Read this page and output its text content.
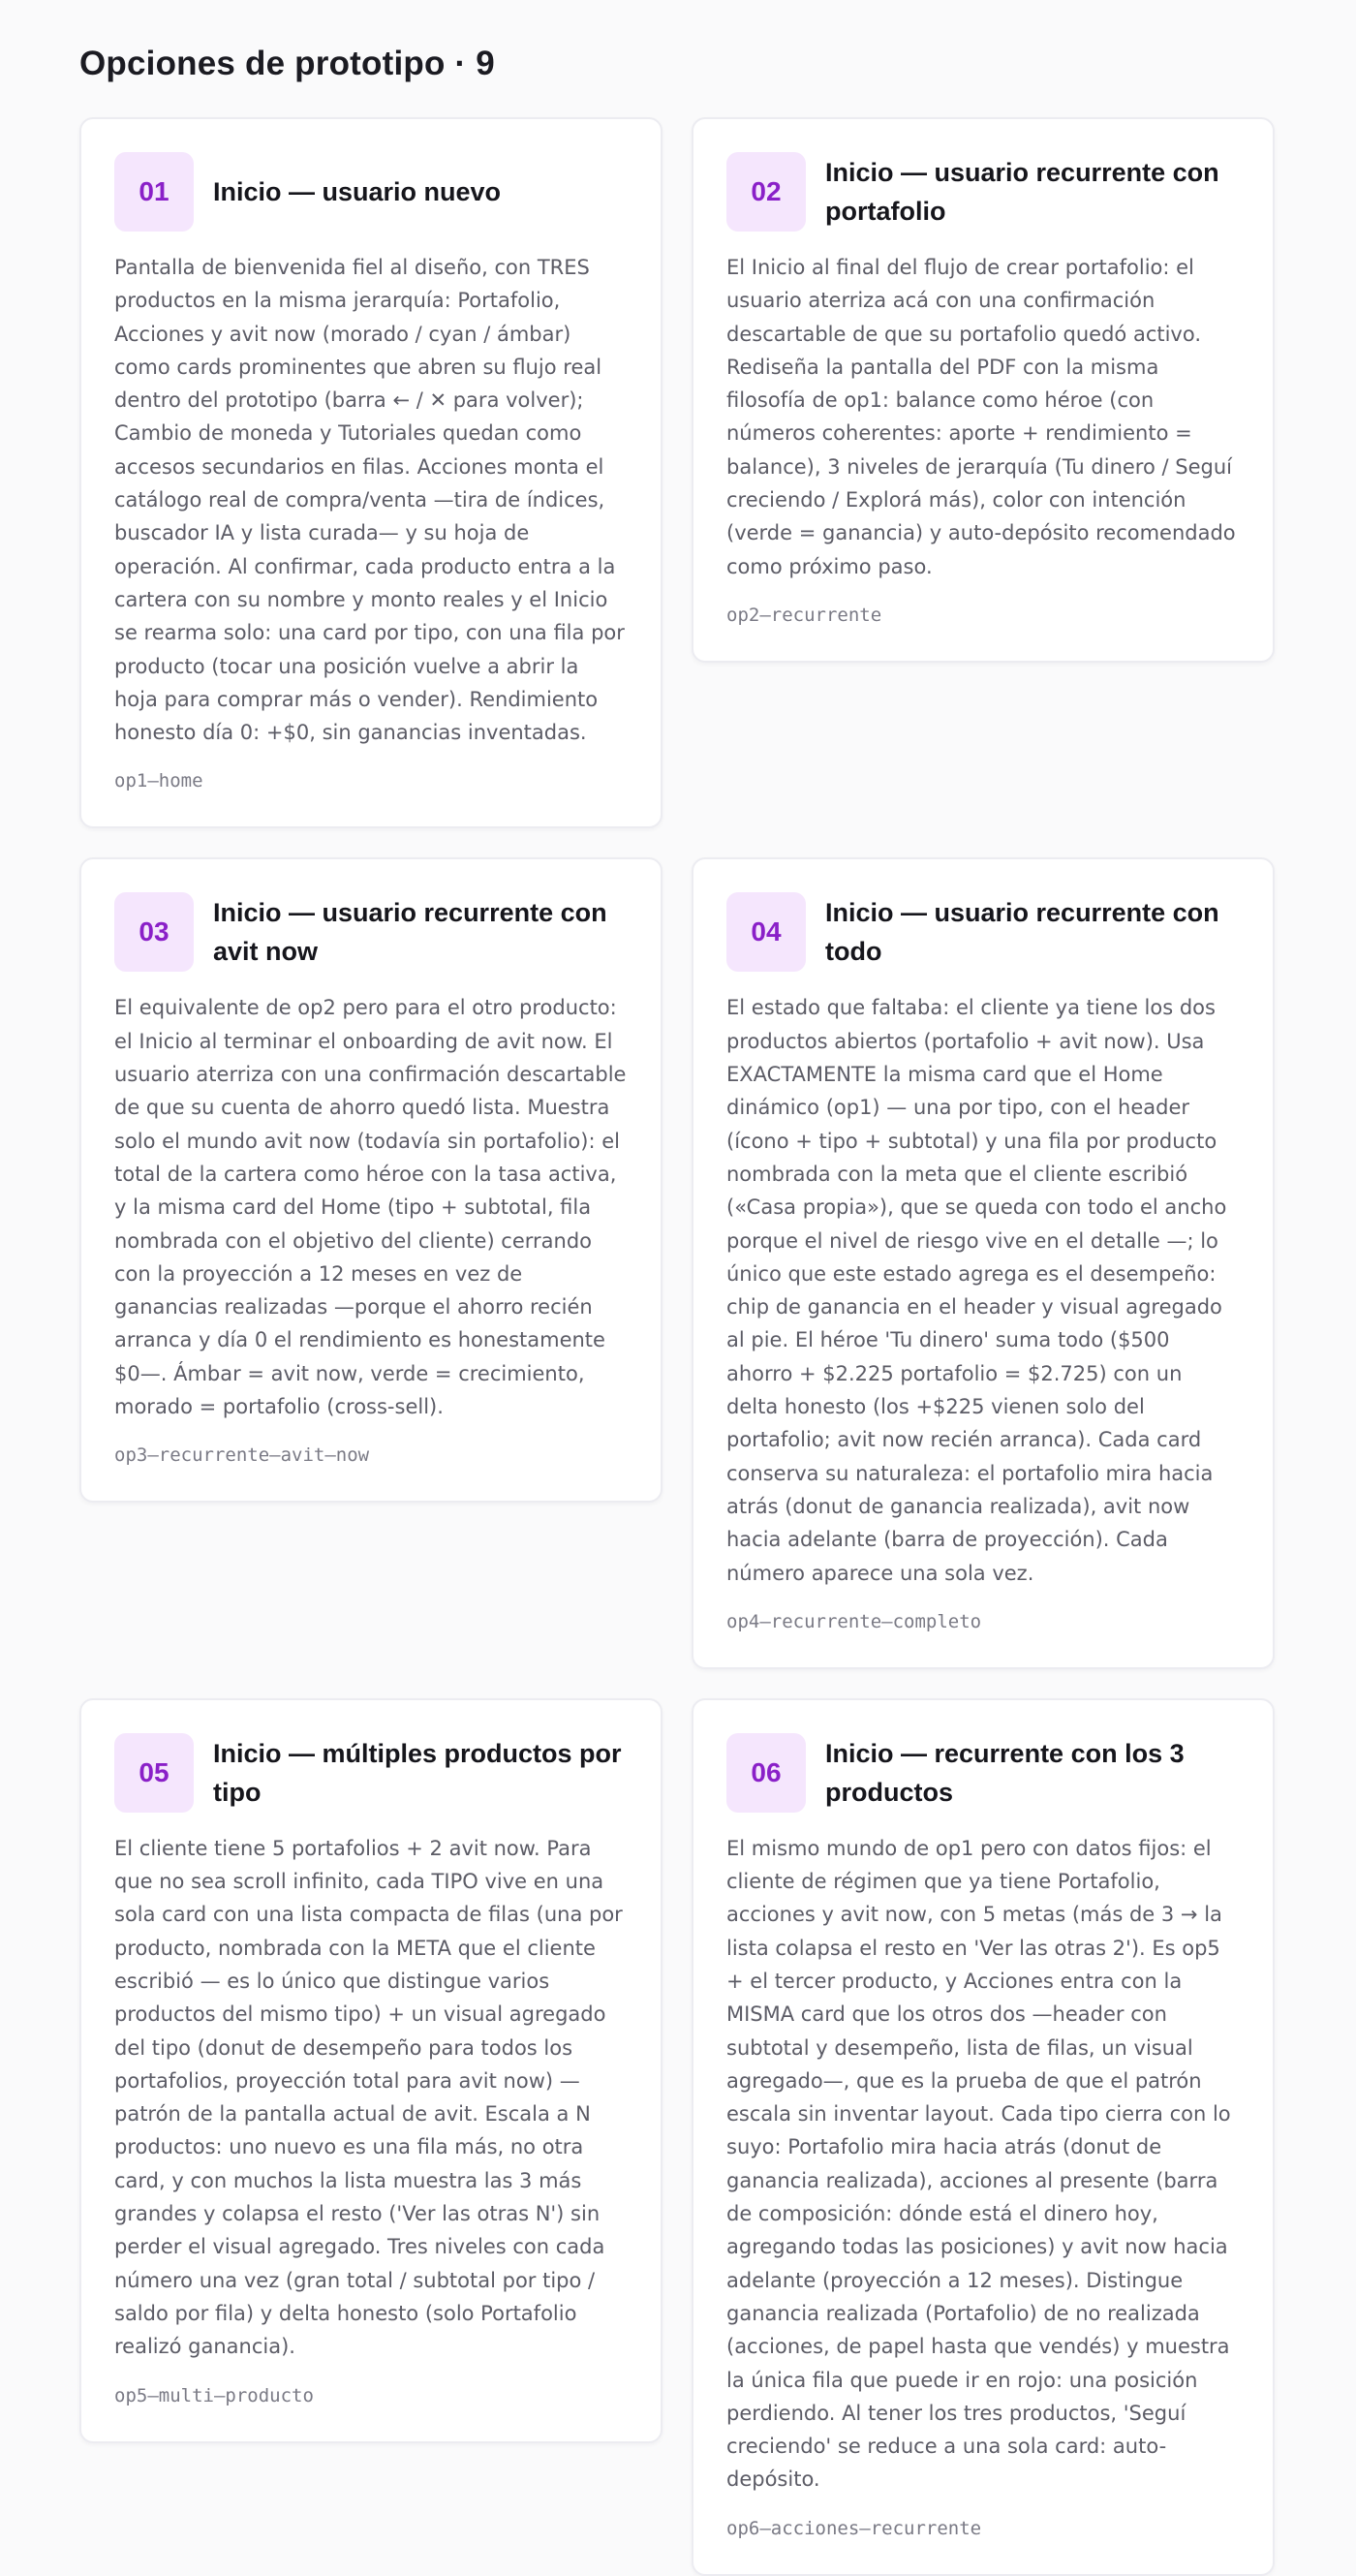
Opciones de prototipo · 9
01	Inicio — usuario nuevo

Pantalla de bienvenida fiel al diseño, con TRES productos en la misma jerarquía: Portafolio, Acciones y avit now (morado / cyan / ámbar) como cards prominentes que abren su flujo real dentro del prototipo (barra ← / ✕ para volver); Cambio de moneda y Tutoriales quedan como accesos secundarios en filas. Acciones monta el catálogo real de compra/venta —tira de índices, buscador IA y lista curada— y su hoja de operación. Al confirmar, cada producto entra a la cartera con su nombre y monto reales y el Inicio se rearma solo: una card por tipo, con una fila por producto (tocar una posición vuelve a abrir la hoja para comprar más o vender). Rendimiento honesto día 0: +$0, sin ganancias inventadas.

op1–home
02
Inicio — usuario recurrente con portafolio

El Inicio al final del flujo de crear portafolio: el usuario aterriza acá con una confirmación descartable de que su portafolio quedó activo. Rediseña la pantalla del PDF con la misma filosofía de op1: balance como héroe (con números coherentes: aporte + rendimiento = balance), 3 niveles de jerarquía (Tu dinero / Seguí creciendo / Explorá más), color con intención (verde = ganancia) y auto-depósito recomendado como próximo paso.

op2–recurrente
03
Inicio — usuario recurrente con avit now

El equivalente de op2 pero para el otro producto: el Inicio al terminar el onboarding de avit now. El usuario aterriza con una confirmación descartable de que su cuenta de ahorro quedó lista. Muestra solo el mundo avit now (todavía sin portafolio): el total de la cartera como héroe con la tasa activa, y la misma card del Home (tipo + subtotal, fila nombrada con el objetivo del cliente) cerrando con la proyección a 12 meses en vez de ganancias realizadas —porque el ahorro recién arranca y día 0 el rendimiento es honestamente $0—. Ámbar = avit now, verde = crecimiento, morado = portafolio (cross-sell).

op3–recurrente–avit–now
04
Inicio — usuario recurrente con todo

El estado que faltaba: el cliente ya tiene los dos productos abiertos (portafolio + avit now). Usa EXACTAMENTE la misma card que el Home dinámico (op1) — una por tipo, con el header (ícono + tipo + subtotal) y una fila por producto nombrada con la meta que el cliente escribió («Casa propia»), que se queda con todo el ancho porque el nivel de riesgo vive en el detalle —; lo único que este estado agrega es el desempeño: chip de ganancia en el header y visual agregado al pie. El héroe 'Tu dinero' suma todo ($500 ahorro + $2.225 portafolio = $2.725) con un delta honesto (los +$225 vienen solo del portafolio; avit now recién arranca). Cada card conserva su naturaleza: el portafolio mira hacia atrás (donut de ganancia realizada), avit now hacia adelante (barra de proyección). Cada número aparece una sola vez.

op4–recurrente–completo
05
Inicio — múltiples productos por tipo

El cliente tiene 5 portafolios + 2 avit now. Para que no sea scroll infinito, cada TIPO vive en una sola card con una lista compacta de filas (una por producto, nombrada con la META que el cliente escribió — es lo único que distingue varios productos del mismo tipo) + un visual agregado del tipo (donut de desempeño para todos los portafolios, proyección total para avit now) — patrón de la pantalla actual de avit. Escala a N productos: uno nuevo es una fila más, no otra card, y con muchos la lista muestra las 3 más grandes y colapsa el resto ('Ver las otras N') sin perder el visual agregado. Tres niveles con cada número una vez (gran total / subtotal por tipo / saldo por fila) y delta honesto (solo Portafolio realizó ganancia).

op5–multi–producto
06
Inicio — recurrente con los 3 productos

El mismo mundo de op1 pero con datos fijos: el cliente de régimen que ya tiene Portafolio, acciones y avit now, con 5 metas (más de 3 → la lista colapsa el resto en 'Ver las otras 2'). Es op5 + el tercer producto, y Acciones entra con la MISMA card que los otros dos —header con subtotal y desempeño, lista de filas, un visual agregado—, que es la prueba de que el patrón escala sin inventar layout. Cada tipo cierra con lo suyo: Portafolio mira hacia atrás (donut de ganancia realizada), acciones al presente (barra de composición: dónde está el dinero hoy, agregando todas las posiciones) y avit now hacia adelante (proyección a 12 meses). Distingue ganancia realizada (Portafolio) de no realizada (acciones, de papel hasta que vendés) y muestra la única fila que puede ir en rojo: una posición perdiendo. Al tener los tres productos, 'Seguí creciendo' se reduce a una sola card: auto-depósito.

op6–acciones–recurrente
